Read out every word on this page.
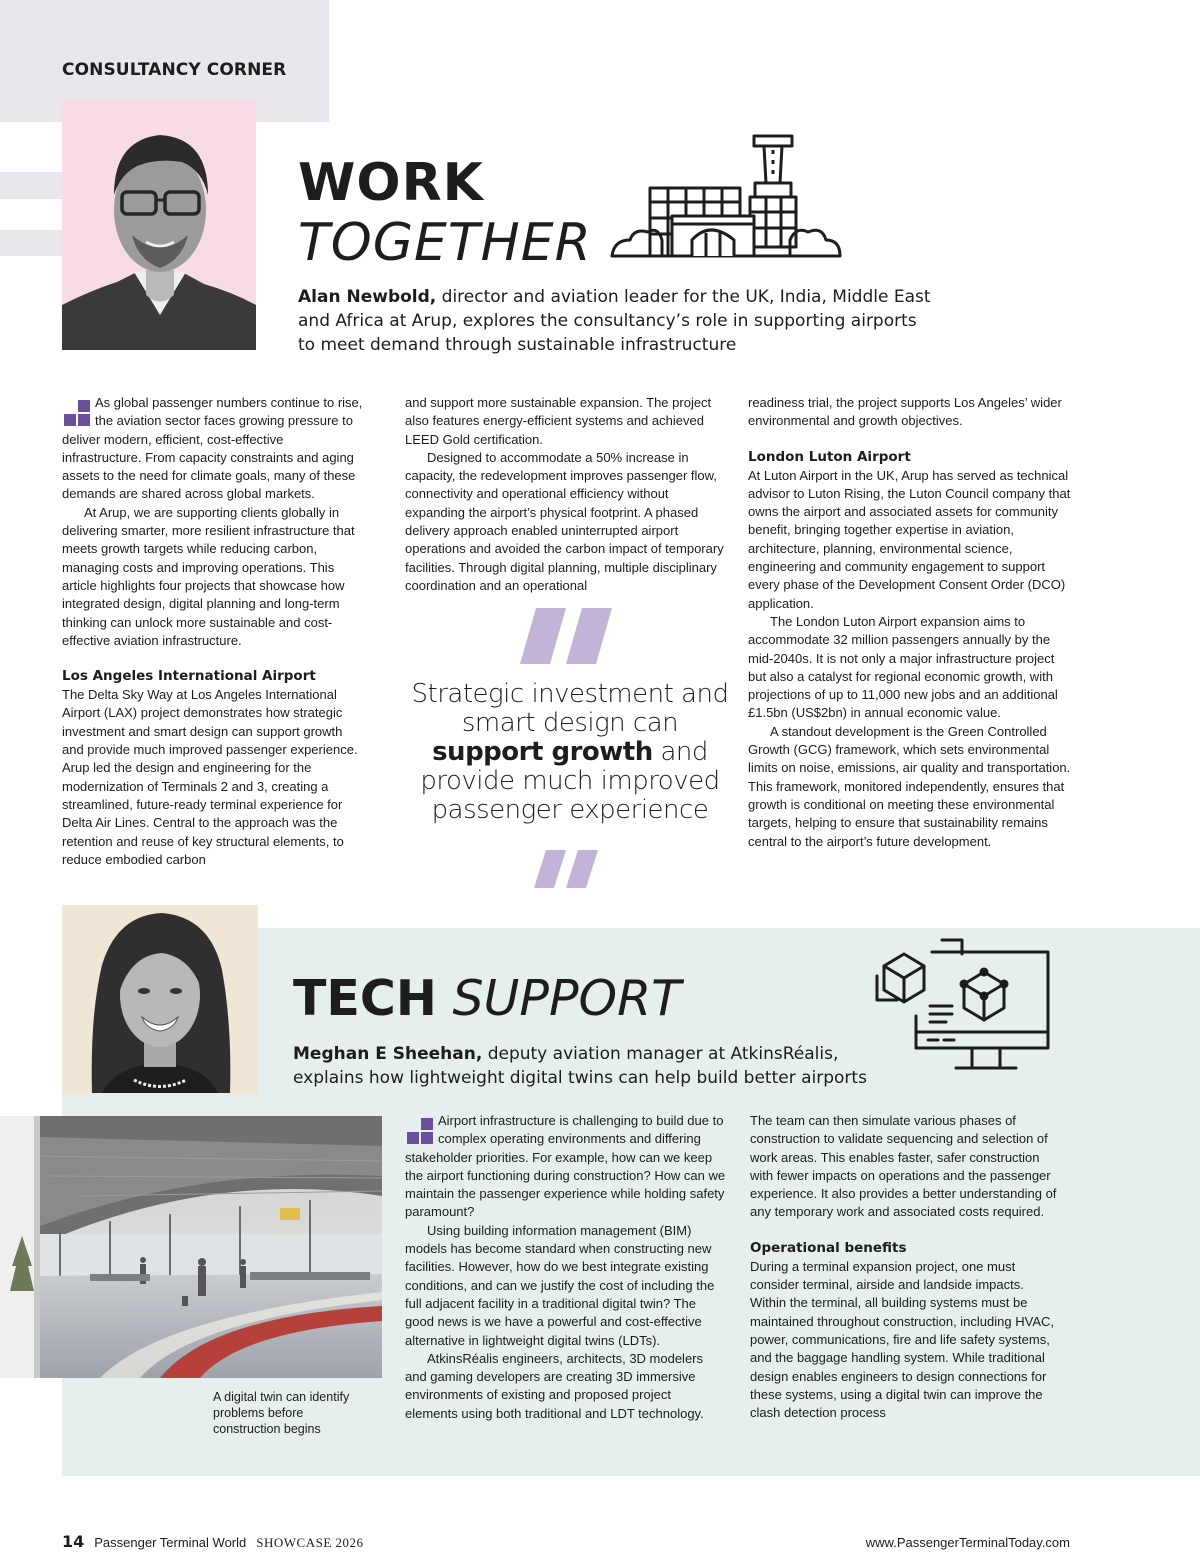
CONSULTANCY CORNER
WORK
TOGETHER
Alan Newbold, director and aviation leader for the UK, India, Middle East and Africa at Arup, explores the consultancy’s role in supporting airports to meet demand through sustainable infrastructure

As global passenger numbers continue to rise, the aviation sector faces growing pressure to deliver modern, efficient, cost-effective infrastructure. From capacity constraints and aging assets to the need for climate goals, many of these demands are shared across global markets.

At Arup, we are supporting clients globally in delivering smarter, more resilient infrastructure that meets growth targets while reducing carbon, managing costs and improving operations. This article highlights four projects that showcase how integrated design, digital planning and long-term thinking can unlock more sustainable and cost-effective aviation infrastructure.

Los Angeles International Airport

The Delta Sky Way at Los Angeles International Airport (LAX) project demonstrates how strategic investment and smart design can support growth and provide much improved passenger experience. Arup led the design and engineering for the modernization of Terminals 2 and 3, creating a streamlined, future-ready terminal experience for Delta Air Lines. Central to the approach was the retention and reuse of key structural elements, to reduce embodied carbon

and support more sustainable expansion. The project also features energy-efficient systems and achieved LEED Gold certification.

Designed to accommodate a 50% increase in capacity, the redevelopment improves passenger flow, connectivity and operational efficiency without expanding the airport’s physical footprint. A phased delivery approach enabled uninterrupted airport operations and avoided the carbon impact of temporary facilities. Through digital planning, multiple disciplinary coordination and an operational

Strategic investment and smart design can support growth and provide much improved passenger experience

readiness trial, the project supports Los Angeles’ wider environmental and growth objectives.

London Luton Airport

At Luton Airport in the UK, Arup has served as technical advisor to Luton Rising, the Luton Council company that owns the airport and associated assets for community benefit, bringing together expertise in aviation, architecture, planning, environmental science, engineering and community engagement to support every phase of the Development Consent Order (DCO) application.

The London Luton Airport expansion aims to accommodate 32 million passengers annually by the mid-2040s. It is not only a major infrastructure project but also a catalyst for regional economic growth, with projections of up to 11,000 new jobs and an additional £1.5bn (US$2bn) in annual economic value.

A standout development is the Green Controlled Growth (GCG) framework, which sets environmental limits on noise, emissions, air quality and transportation. This framework, monitored independently, ensures that growth is conditional on meeting these environmental targets, helping to ensure that sustainability remains central to the airport’s future development.

TECH SUPPORT
Meghan E Sheehan, deputy aviation manager at AtkinsRéalis, explains how lightweight digital twins can help build better airports
A digital twin can identify problems before construction begins

Airport infrastructure is challenging to build due to complex operating environments and differing stakeholder priorities. For example, how can we keep the airport functioning during construction? How can we maintain the passenger experience while holding safety paramount?

Using building information management (BIM) models has become standard when constructing new facilities. However, how do we best integrate existing conditions, and can we justify the cost of including the full adjacent facility in a traditional digital twin? The good news is we have a powerful and cost-effective alternative in lightweight digital twins (LDTs).

AtkinsRéalis engineers, architects, 3D modelers and gaming developers are creating 3D immersive environments of existing and proposed project elements using both traditional and LDT technology.

The team can then simulate various phases of construction to validate sequencing and selection of work areas. This enables faster, safer construction with fewer impacts on operations and the passenger experience. It also provides a better understanding of any temporary work and associated costs required.

Operational benefits

During a terminal expansion project, one must consider terminal, airside and landside impacts. Within the terminal, all building systems must be maintained throughout construction, including HVAC, power, communications, fire and life safety systems, and the baggage handling system. While traditional design enables engineers to design connections for these systems, using a digital twin can improve the clash detection process

14 Passenger Terminal World SHOWCASE 2026	www.PassengerTerminalToday.com
